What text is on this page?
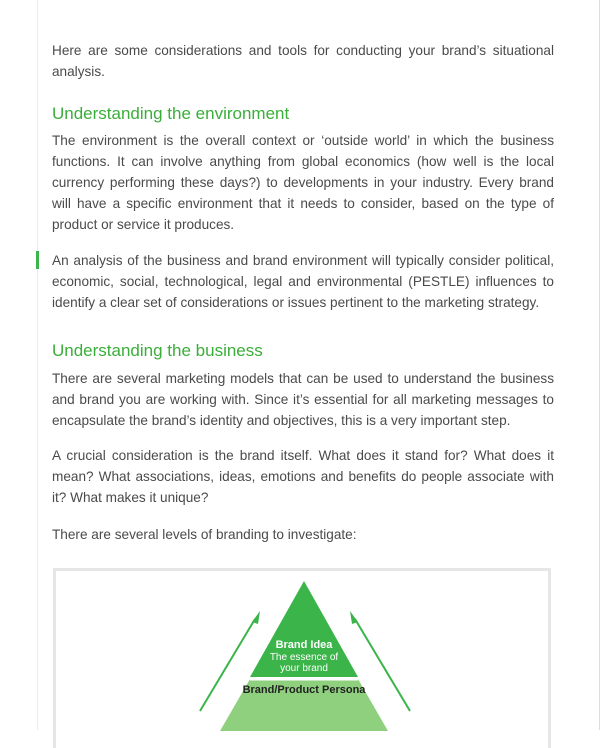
Here are some considerations and tools for conducting your brand’s situational analysis.

Understanding the environment

The environment is the overall context or ‘outside world’ in which the business functions. It can involve anything from global economics (how well is the local currency performing these days?) to developments in your industry. Every brand will have a specific environment that it needs to consider, based on the type of product or service it produces.

An analysis of the business and brand environment will typically consider political, economic, social, technological, legal and environmental (PESTLE) influences to identify a clear set of considerations or issues pertinent to the marketing strategy.

Understanding the business

There are several marketing models that can be used to understand the business and brand you are working with. Since it’s essential for all marketing messages to encapsulate the brand’s identity and objectives, this is a very important step.

A crucial consideration is the brand itself. What does it stand for? What does it mean? What associations, ideas, emotions and benefits do people associate with it? What makes it unique?

There are several levels of branding to investigate:

Brand Idea
The essence of your brand
Brand/Product Persona
